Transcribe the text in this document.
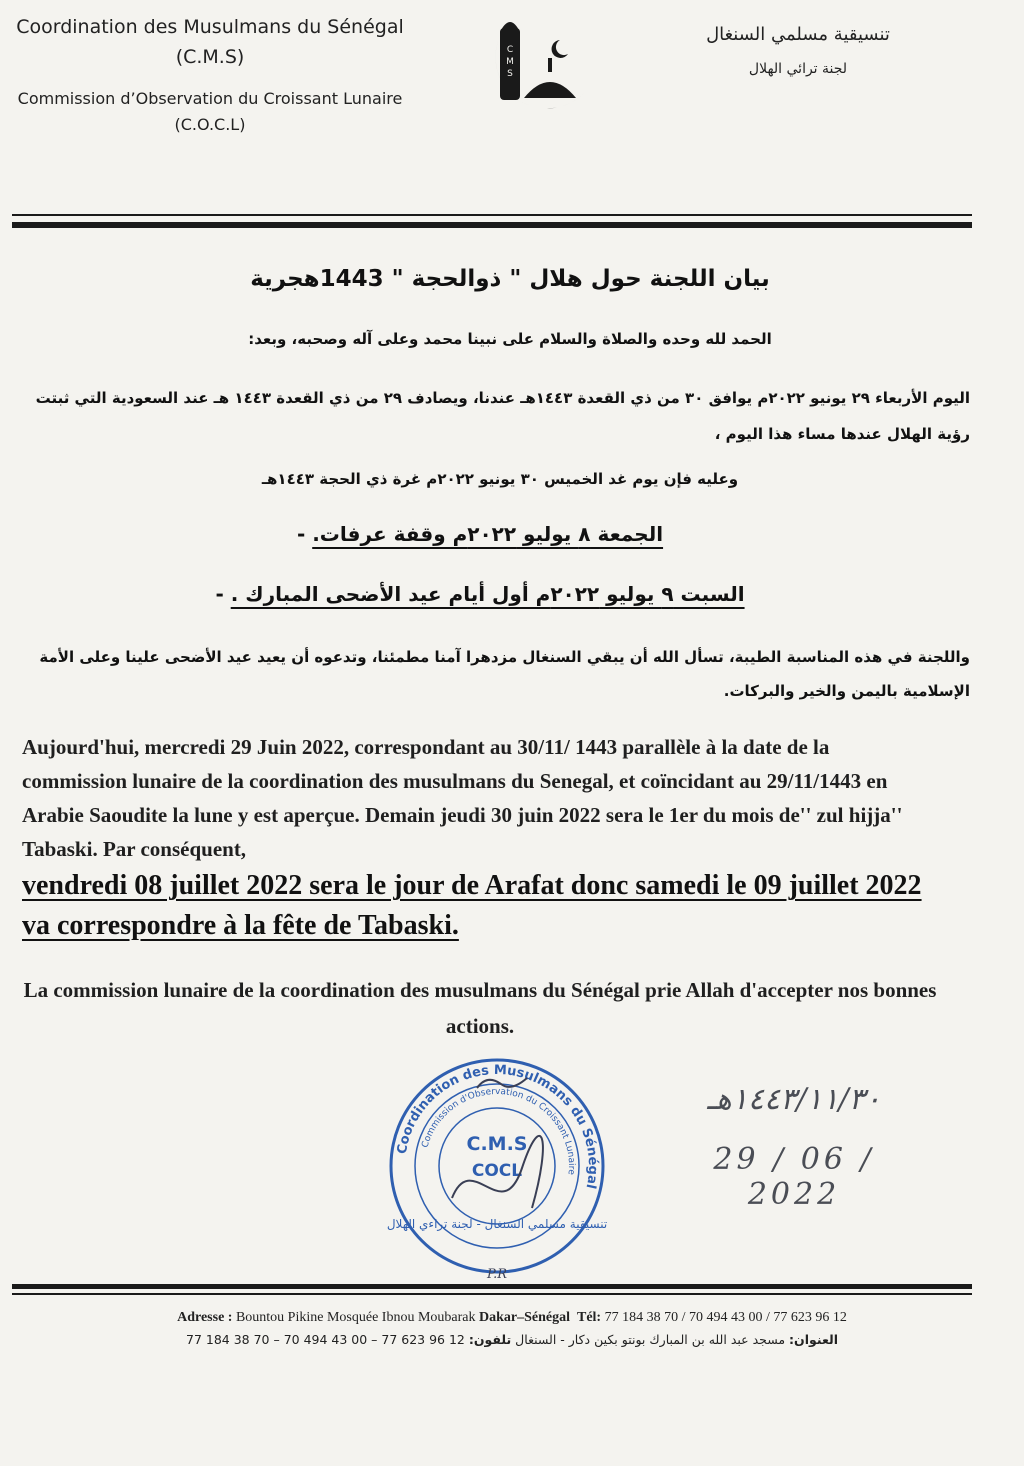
Coordination des Musulmans du Sénégal
(C.M.S)
Commission d’Observation du Croissant Lunaire
(C.O.C.L)
C
M
S
تنسيقية مسلمي السنغال
لجنة ترائي الهلال
بيان اللجنة حول هلال " ذوالحجة " 1443هجرية
الحمد لله وحده والصلاة والسلام على نبينا محمد وعلى آله وصحبه، وبعد:
اليوم الأربعاء ٢٩ يونيو ٢٠٢٢م يوافق ٣٠ من ذي القعدة ١٤٤٣هـ عندنا، ويصادف ٢٩ من ذي القعدة ١٤٤٣ هـ عند السعودية التي ثبتت رؤية الهلال عندها مساء هذا اليوم ،
وعليه فإن يوم غد الخميس ٣٠ يونيو ٢٠٢٢م غرة ذي الحجة ١٤٤٣هـ
الجمعة ٨ يوليو ٢٠٢٢م وقفة عرفات. -
السبت ٩ يوليو ٢٠٢٢م أول أيام عيد الأضحى المبارك . -
واللجنة في هذه المناسبة الطيبة، تسأل الله أن يبقي السنغال مزدهرا آمنا مطمئنا، وتدعوه أن يعيد عيد الأضحى علينا وعلى الأمة الإسلامية باليمن والخير والبركات.
Aujourd'hui, mercredi 29 Juin 2022, correspondant au 30/11/ 1443 parallèle à la date de la commission lunaire de la coordination des musulmans du Senegal, et coïncidant au 29/11/1443 en Arabie Saoudite la lune y est aperçue. Demain jeudi 30 juin 2022 sera le 1er du mois de'' zul hijja'' Tabaski. Par conséquent,
vendredi 08 juillet 2022 sera le jour de Arafat donc samedi le 09 juillet 2022 va correspondre à la fête de Tabaski.
La commission lunaire de la coordination des musulmans du Sénégal prie Allah d'accepter nos bonnes actions.
Coordination des Musulmans du Sénégal
Commission d'Observation du Croissant Lunaire
C.M.S
COCL
تنسيقية مسلمي السنغال - لجنة تراءي الهلال
P.R
١٤٤٣/١١/٣٠هـ
29 / 06 / 2022
Adresse : Bountou Pikine Mosquée Ibnou Moubarak Dakar–Sénégal Tél: 77 184 38 70 / 70 494 43 00 / 77 623 96 12
العنوان: مسجد عبد الله بن المبارك بونتو بكين دكار - السنغال تلفون: 77 184 38 70 – 70 494 43 00 – 77 623 96 12
